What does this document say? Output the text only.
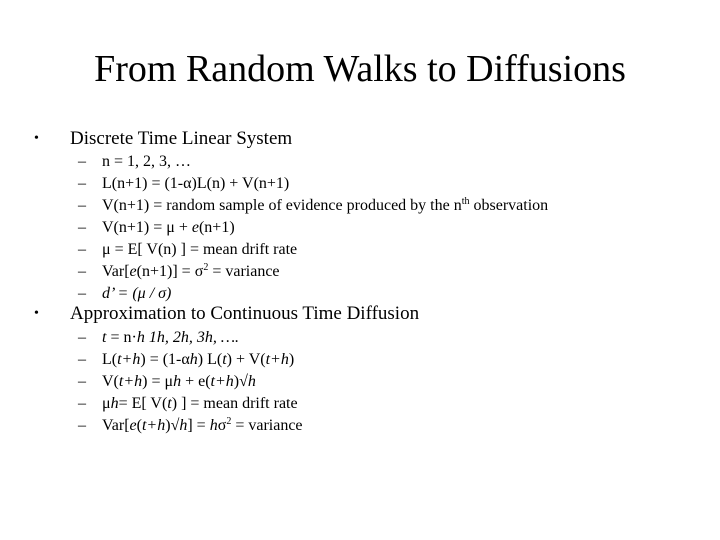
From Random Walks to Diffusions
• Discrete Time Linear System
– n = 1, 2, 3, …
– L(n+1) = (1-α)L(n) + V(n+1)
– V(n+1) = random sample of evidence produced by the $n^{th}$ observation
– V(n+1) = μ + e(n+1)
– μ = E[ V(n) ] = mean drift rate
– $Var[e(n+1)] = \sigma^2$ = variance
– d’ = (μ / σ)
• Approximation to Continuous Time Diffusion
– t = n·h 1h, 2h, 3h, ….
– L(t+h) = (1-αh) L(t) + V(t+h)
– V(t+h) = μh + e(t+h)√h
– μh= E[ V(t) ] = mean drift rate
– $Var[e(t+h)√h] = h\sigma^2$ = variance
